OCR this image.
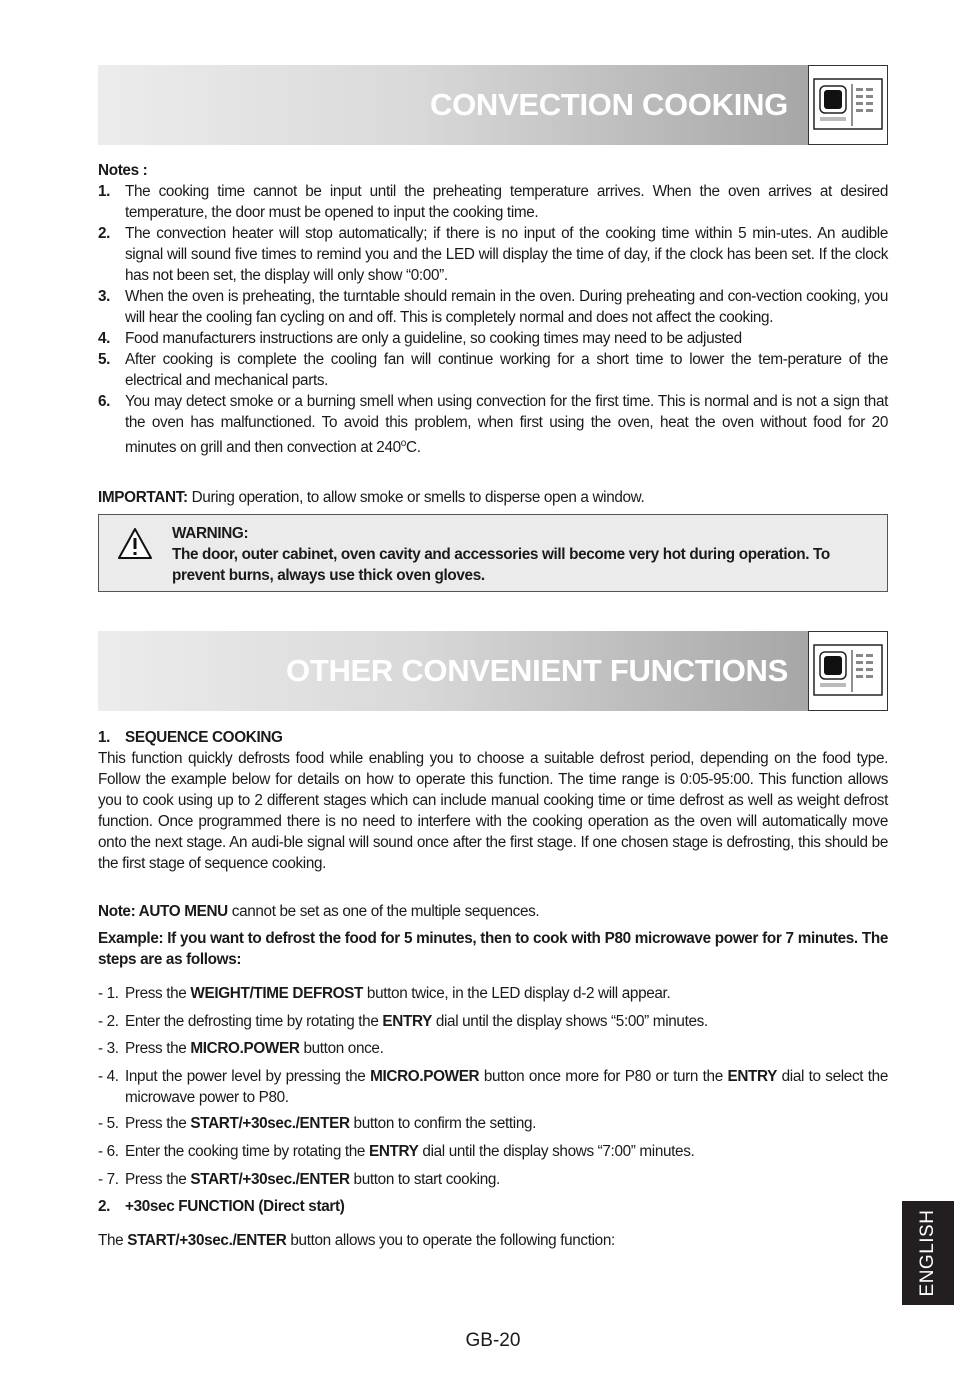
CONVECTION COOKING
Notes :
1. The cooking time cannot be input until the preheating temperature arrives. When the oven arrives at desired temperature, the door must be opened to input the cooking time.
2. The convection heater will stop automatically; if there is no input of the cooking time within 5 min-utes. An audible signal will sound five times to remind you and the LED will display the time of day, if the clock has been set. If the clock has not been set, the display will only show “0:00”.
3. When the oven is preheating, the turntable should remain in the oven. During preheating and con-vection cooking, you will hear the cooling fan cycling on and off. This is completely normal and does not affect the cooking.
4. Food manufacturers instructions are only a guideline, so cooking times may need to be adjusted
5. After cooking is complete the cooling fan will continue working for a short time to lower the tem-perature of the electrical and mechanical parts.
6. You may detect smoke or a burning smell when using convection for the first time. This is normal and is not a sign that the oven has malfunctioned. To avoid this problem, when first using the oven, heat the oven without food for 20 minutes on grill and then convection at 240$^o$C.
IMPORTANT: During operation, to allow smoke or smells to disperse open a window.
WARNING:
The door, outer cabinet, oven cavity and accessories will become very hot during operation. To prevent burns, always use thick oven gloves.
OTHER CONVENIENT FUNCTIONS
1. SEQUENCE COOKING
This function quickly defrosts food while enabling you to choose a suitable defrost period, depending on the food type. Follow the example below for details on how to operate this function. The time range is 0:05-95:00. This function allows you to cook using up to 2 different stages which can include manual cooking time or time defrost as well as weight defrost function. Once programmed there is no need to interfere with the cooking operation as the oven will automatically move onto the next stage. An audi-ble signal will sound once after the first stage. If one chosen stage is defrosting, this should be the first stage of sequence cooking.
Note: AUTO MENU cannot be set as one of the multiple sequences.
Example: If you want to defrost the food for 5 minutes, then to cook with P80 microwave power for 7 minutes. The steps are as follows:
- 1. Press the WEIGHT/TIME DEFROST button twice, in the LED display d-2 will appear.
- 2. Enter the defrosting time by rotating the ENTRY dial until the display shows “5:00” minutes.
- 3. Press the MICRO.POWER button once.
- 4. Input the power level by pressing the MICRO.POWER button once more for P80 or turn the ENTRY dial to select the microwave power to P80.
- 5. Press the START/+30sec./ENTER button to confirm the setting.
- 6. Enter the cooking time by rotating the ENTRY dial until the display shows “7:00” minutes.
- 7. Press the START/+30sec./ENTER button to start cooking.
2. +30sec FUNCTION (Direct start)
The START/+30sec./ENTER button allows you to operate the following function:	ENGLISH
GB-20
